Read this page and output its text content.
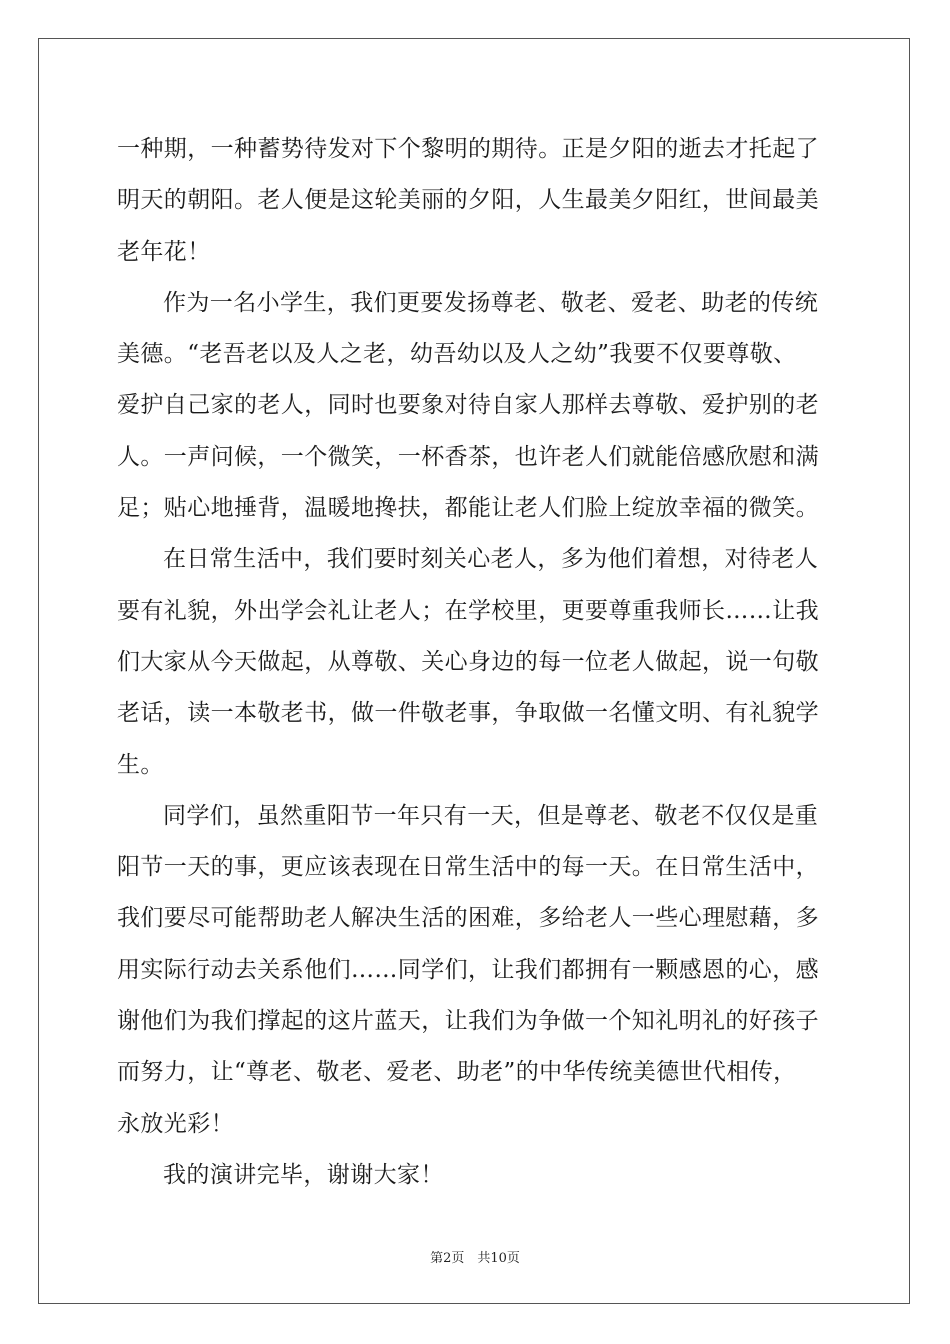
一种期，一种蓄势待发对下个黎明的期待。正是夕阳的逝去才托起了
明天的朝阳。老人便是这轮美丽的夕阳，人生最美夕阳红，世间最美
老年花！
作为一名小学生，我们更要发扬尊老、敬老、爱老、助老的传统
美德。“老吾老以及人之老，幼吾幼以及人之幼”我要不仅要尊敬、
爱护自己家的老人，同时也要象对待自家人那样去尊敬、爱护别的老
人。一声问候，一个微笑，一杯香茶，也许老人们就能倍感欣慰和满
足；贴心地捶背，温暖地搀扶，都能让老人们脸上绽放幸福的微笑。
在日常生活中，我们要时刻关心老人，多为他们着想，对待老人
要有礼貌，外出学会礼让老人；在学校里，更要尊重我师长……让我
们大家从今天做起，从尊敬、关心身边的每一位老人做起，说一句敬
老话，读一本敬老书，做一件敬老事，争取做一名懂文明、有礼貌学
生。
同学们，虽然重阳节一年只有一天，但是尊老、敬老不仅仅是重
阳节一天的事，更应该表现在日常生活中的每一天。在日常生活中，
我们要尽可能帮助老人解决生活的困难，多给老人一些心理慰藉，多
用实际行动去关系他们……同学们，让我们都拥有一颗感恩的心，感
谢他们为我们撑起的这片蓝天，让我们为争做一个知礼明礼的好孩子
而努力，让“尊老、敬老、爱老、助老”的中华传统美德世代相传，
永放光彩！
我的演讲完毕，谢谢大家！
第2页　共10页
